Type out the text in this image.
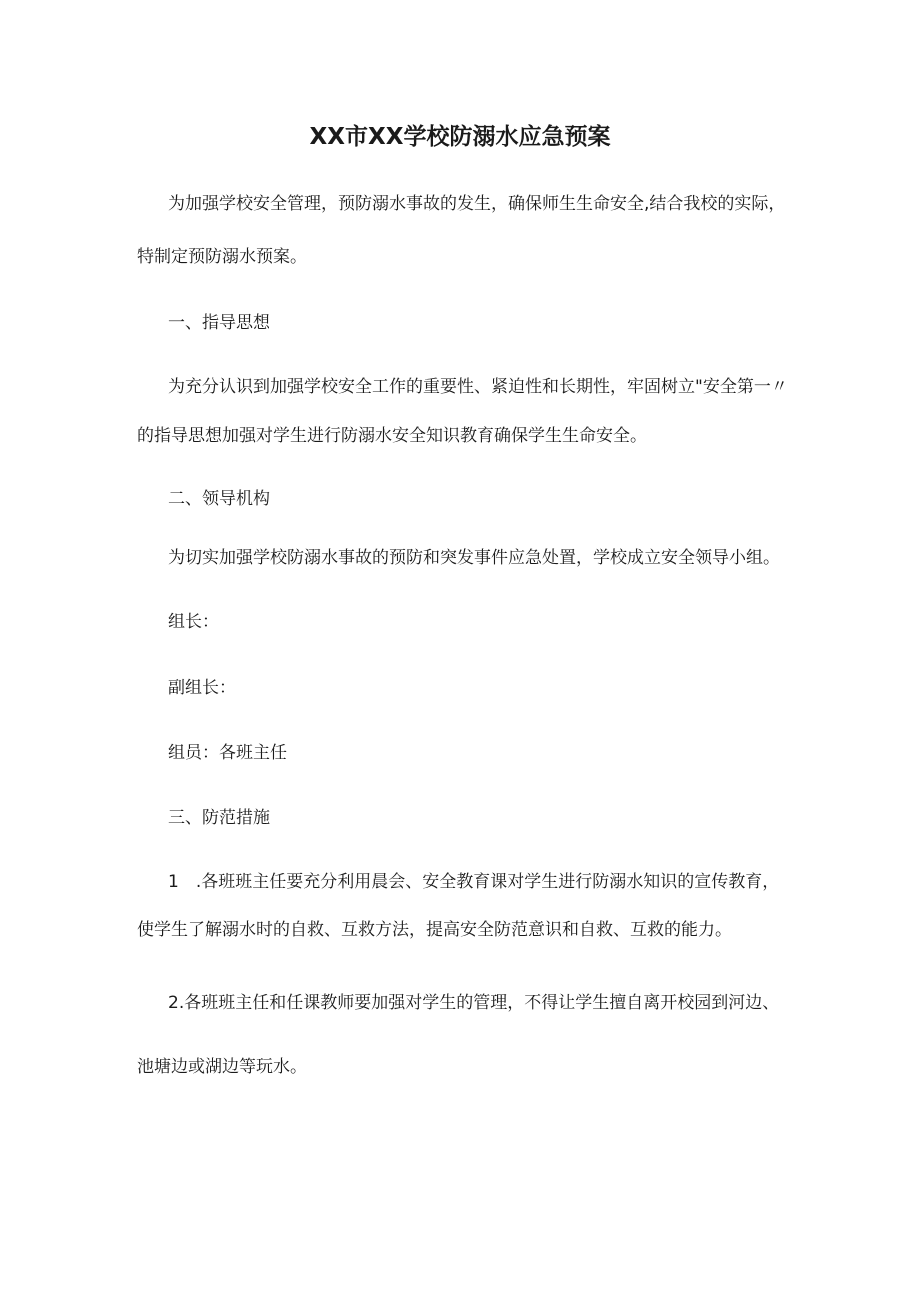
XX市XX学校防溺水应急预案
为加强学校安全管理，预防溺水事故的发生，确保师生生命安全,结合我校的实际，
特制定预防溺水预案。
一、指导思想
为充分认识到加强学校安全工作的重要性、紧迫性和长期性，牢固树立"安全第一〃
的指导思想加强对学生进行防溺水安全知识教育确保学生生命安全。
二、领导机构
为切实加强学校防溺水事故的预防和突发事件应急处置，学校成立安全领导小组。
组长：
副组长：
组员：各班主任
三、防范措施
1　.各班班主任要充分利用晨会、安全教育课对学生进行防溺水知识的宣传教育，
使学生了解溺水时的自救、互救方法，提高安全防范意识和自救、互救的能力。
2.各班班主任和任课教师要加强对学生的管理，不得让学生擅自离开校园到河边、
池塘边或湖边等玩水。
